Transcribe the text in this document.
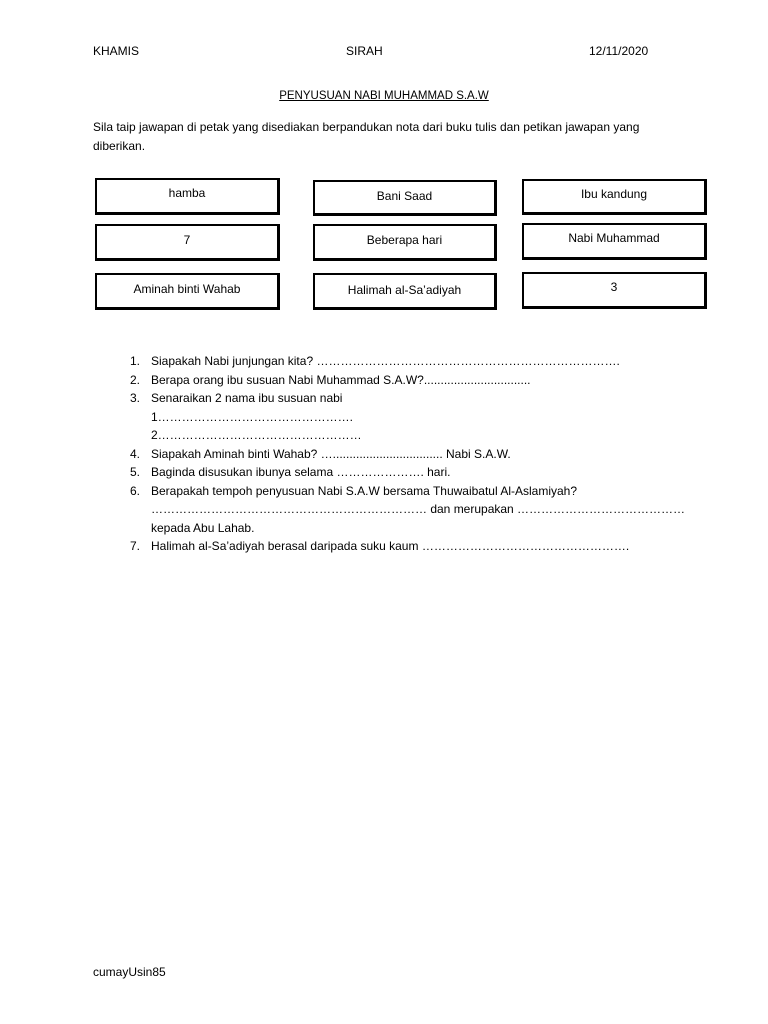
KHAMIS	SIRAH	12/11/2020
PENYUSUAN NABI MUHAMMAD S.A.W
Sila taip jawapan di petak yang disediakan berpandukan nota dari buku tulis dan petikan jawapan yang diberikan.
hamba	Bani Saad	Ibu kandung
7	Beberapa hari	Nabi Muhammad
Aminah binti Wahab	Halimah al-Sa’adiyah	3
1. Siapakah Nabi junjungan kita? ………………………………………………………………….
2. Berapa orang ibu susuan Nabi Muhammad S.A.W?................................
3. Senaraikan 2 nama ibu susuan nabi
1………………………………………….
2……………………………………………
4. Siapakah Aminah binti Wahab? …................................. Nabi S.A.W.
5. Baginda disusukan ibunya selama …………………. hari.
6. Berapakah tempoh penyusuan Nabi S.A.W bersama Thuwaibatul Al-Aslamiyah?
…………………………………………………………… dan merupakan …………………………………… kepada Abu Lahab.
7. Halimah al-Sa’adiyah berasal daripada suku kaum …………………………………………….
cumayUsin85
